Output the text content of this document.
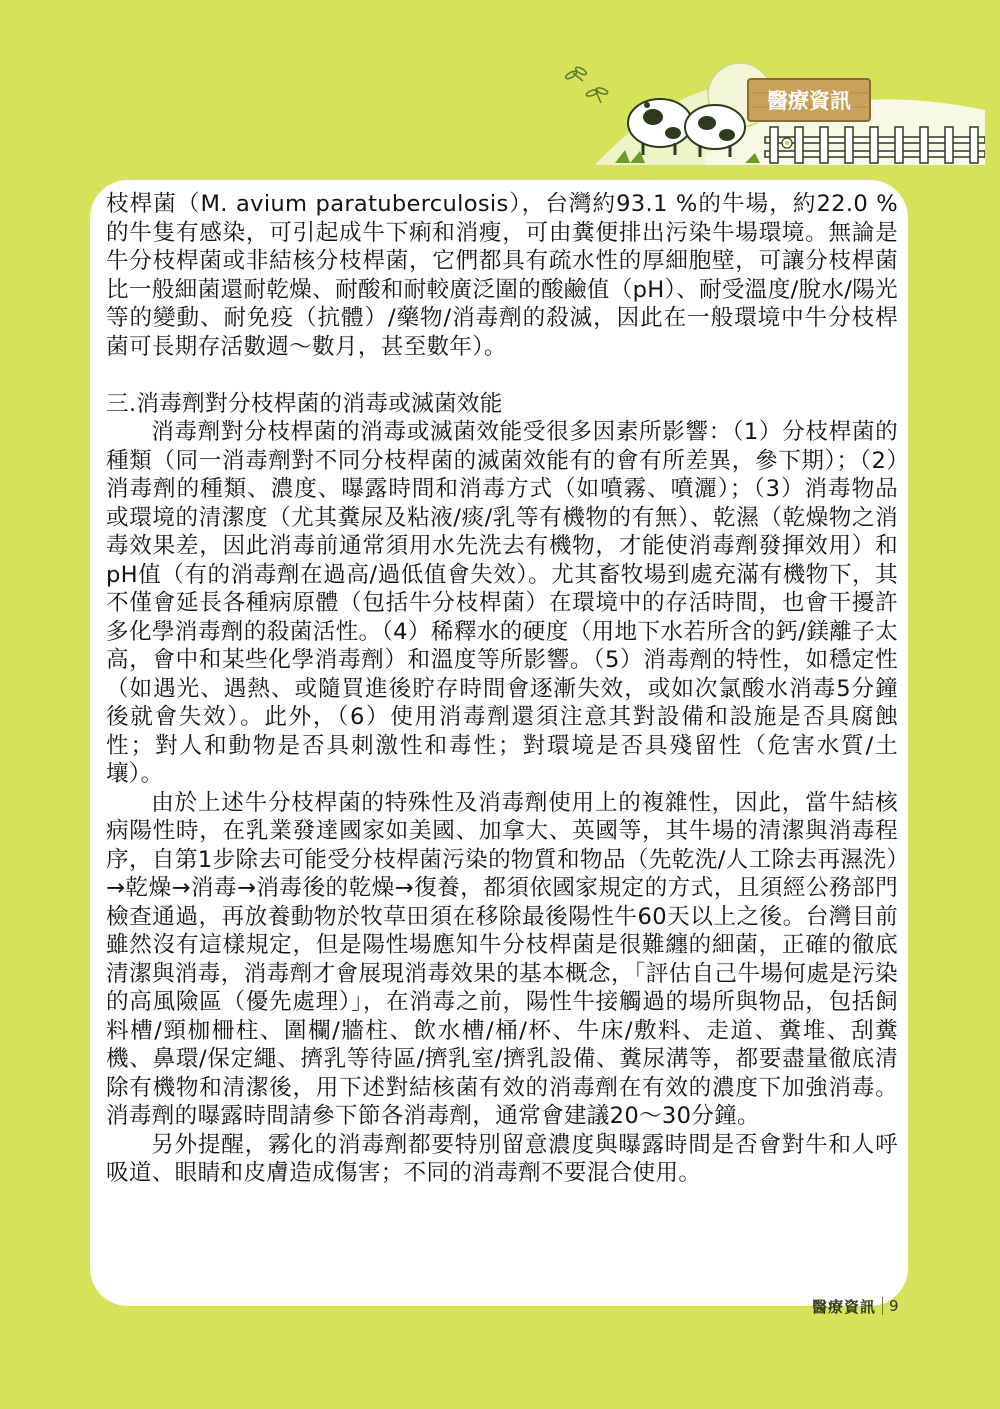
醫療資訊

枝桿菌（M. avium paratuberculosis），台灣約93.1 %的牛場，約22.0 %的牛隻有感染，可引起成牛下痢和消瘦，可由糞便排出污染牛場環境。無論是牛分枝桿菌或非結核分枝桿菌，它們都具有疏水性的厚細胞壁，可讓分枝桿菌比一般細菌還耐乾燥、耐酸和耐較廣泛圍的酸鹼值（pH）、耐受溫度/脫水/陽光等的變動、耐免疫（抗體）/藥物/消毒劑的殺滅，因此在一般環境中牛分枝桿菌可長期存活數週～數月，甚至數年）。

三.消毒劑對分枝桿菌的消毒或滅菌效能

消毒劑對分枝桿菌的消毒或滅菌效能受很多因素所影響：（1）分枝桿菌的種類（同一消毒劑對不同分枝桿菌的滅菌效能有的會有所差異，參下期）；（2）消毒劑的種類、濃度、曝露時間和消毒方式（如噴霧、噴灑）；（3）消毒物品或環境的清潔度（尤其糞尿及粘液/痰/乳等有機物的有無）、乾濕（乾燥物之消毒效果差，因此消毒前通常須用水先洗去有機物，才能使消毒劑發揮效用）和pH值（有的消毒劑在過高/過低值會失效）。尤其畜牧場到處充滿有機物下，其不僅會延長各種病原體（包括牛分枝桿菌）在環境中的存活時間，也會干擾許多化學消毒劑的殺菌活性。（4）稀釋水的硬度（用地下水若所含的鈣/鎂離子太高，會中和某些化學消毒劑）和溫度等所影響。（5）消毒劑的特性，如穩定性（如遇光、遇熱、或隨買進後貯存時間會逐漸失效，或如次氯酸水消毒5分鐘後就會失效）。此外，（6）使用消毒劑還須注意其對設備和設施是否具腐蝕性；對人和動物是否具刺激性和毒性；對環境是否具殘留性（危害水質/土壤）。

由於上述牛分枝桿菌的特殊性及消毒劑使用上的複雜性，因此，當牛結核病陽性時，在乳業發達國家如美國、加拿大、英國等，其牛場的清潔與消毒程序，自第1步除去可能受分枝桿菌污染的物質和物品（先乾洗/人工除去再濕洗）→乾燥→消毒→消毒後的乾燥→復養，都須依國家規定的方式，且須經公務部門檢查通過，再放養動物於牧草田須在移除最後陽性牛60天以上之後。台灣目前雖然沒有這樣規定，但是陽性場應知牛分枝桿菌是很難纏的細菌，正確的徹底清潔與消毒，消毒劑才會展現消毒效果的基本概念，「評估自己牛場何處是污染的高風險區（優先處理）」，在消毒之前，陽性牛接觸過的場所與物品，包括飼料槽/頸枷柵柱、圍欄/牆柱、飲水槽/桶/杯、牛床/敷料、走道、糞堆、刮糞機、鼻環/保定繩、擠乳等待區/擠乳室/擠乳設備、糞尿溝等，都要盡量徹底清除有機物和清潔後，用下述對結核菌有效的消毒劑在有效的濃度下加強消毒。消毒劑的曝露時間請參下節各消毒劑，通常會建議20～30分鐘。

另外提醒，霧化的消毒劑都要特別留意濃度與曝露時間是否會對牛和人呼吸道、眼睛和皮膚造成傷害；不同的消毒劑不要混合使用。

醫療資訊 9
